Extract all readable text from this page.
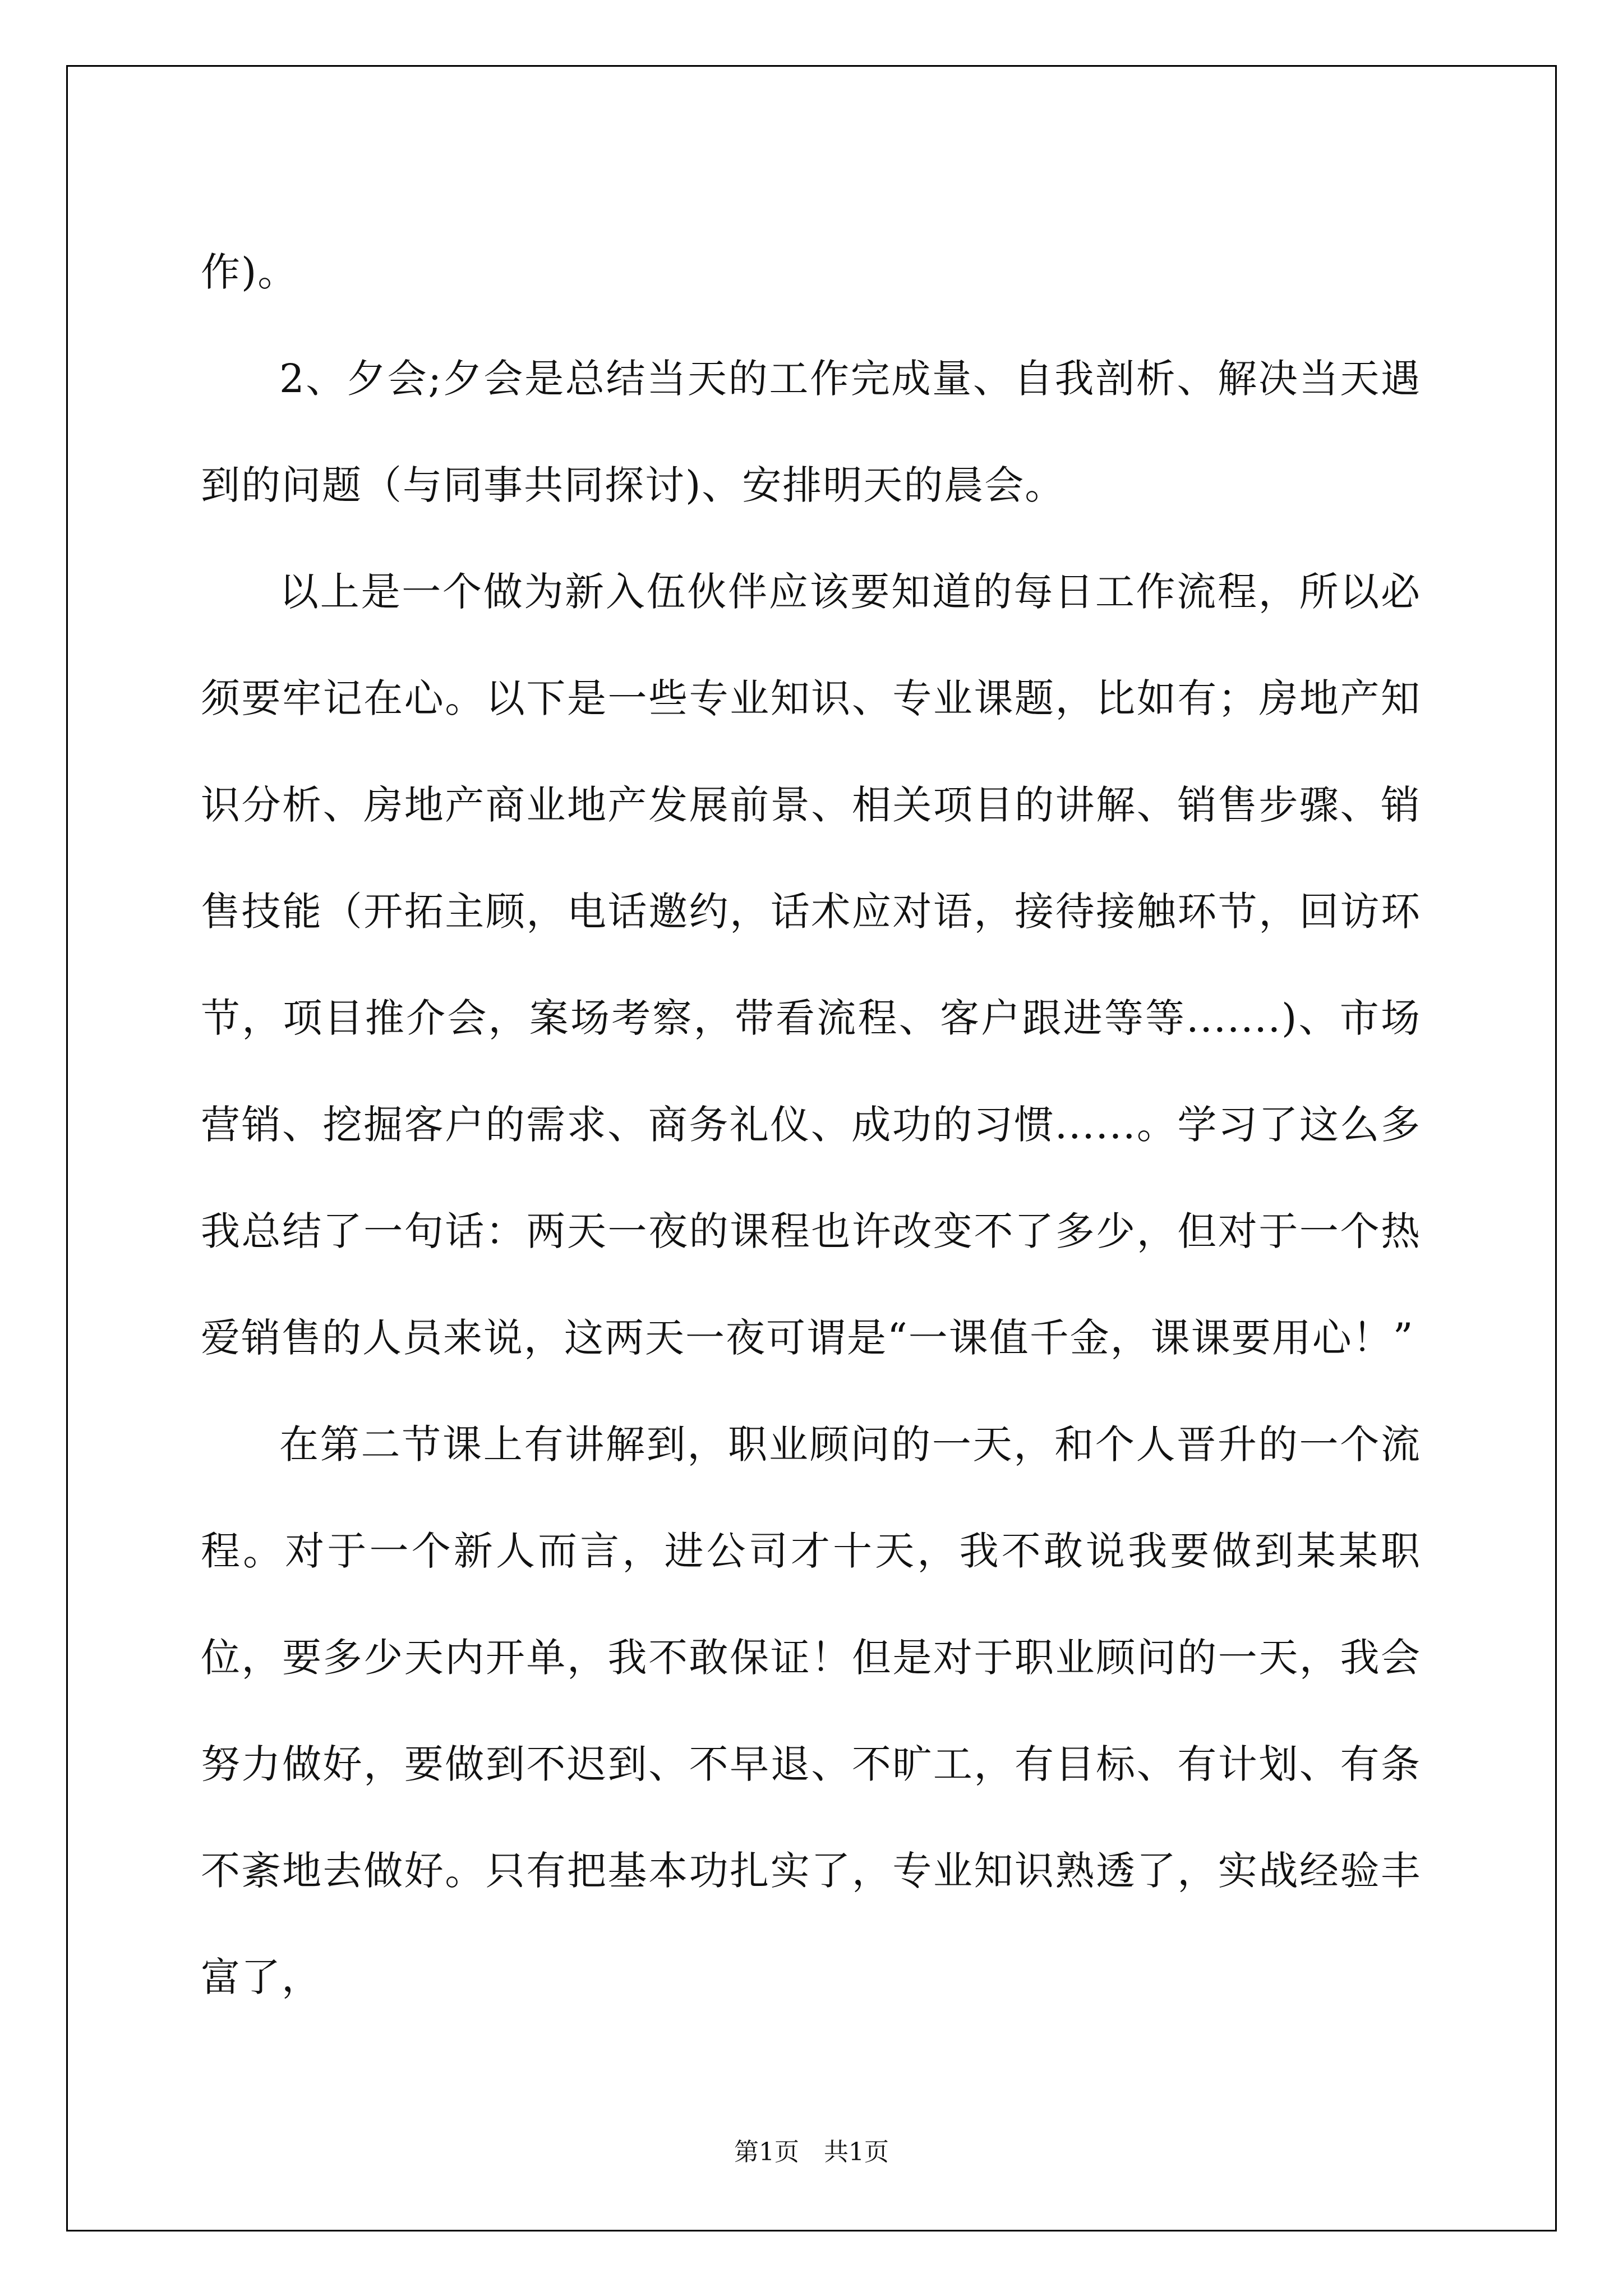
作)。

2、夕会;夕会是总结当天的工作完成量、自我剖析、解决当天遇到的问题（与同事共同探讨)、安排明天的晨会。

以上是一个做为新入伍伙伴应该要知道的每日工作流程，所以必须要牢记在心。以下是一些专业知识、专业课题，比如有；房地产知识分析、房地产商业地产发展前景、相关项目的讲解、销售步骤、销售技能（开拓主顾，电话邀约，话术应对语，接待接触环节，回访环节，项目推介会，案场考察，带看流程、客户跟进等等.......)、市场营销、挖掘客户的需求、商务礼仪、成功的习惯......。学习了这么多我总结了一句话：两天一夜的课程也许改变不了多少，但对于一个热爱销售的人员来说，这两天一夜可谓是“一课值千金，课课要用心！”

在第二节课上有讲解到，职业顾问的一天，和个人晋升的一个流程。对于一个新人而言，进公司才十天，我不敢说我要做到某某职位，要多少天内开单，我不敢保证！但是对于职业顾问的一天，我会努力做好，要做到不迟到、不早退、不旷工，有目标、有计划、有条不紊地去做好。只有把基本功扎实了，专业知识熟透了，实战经验丰富了，

第1页　共1页
